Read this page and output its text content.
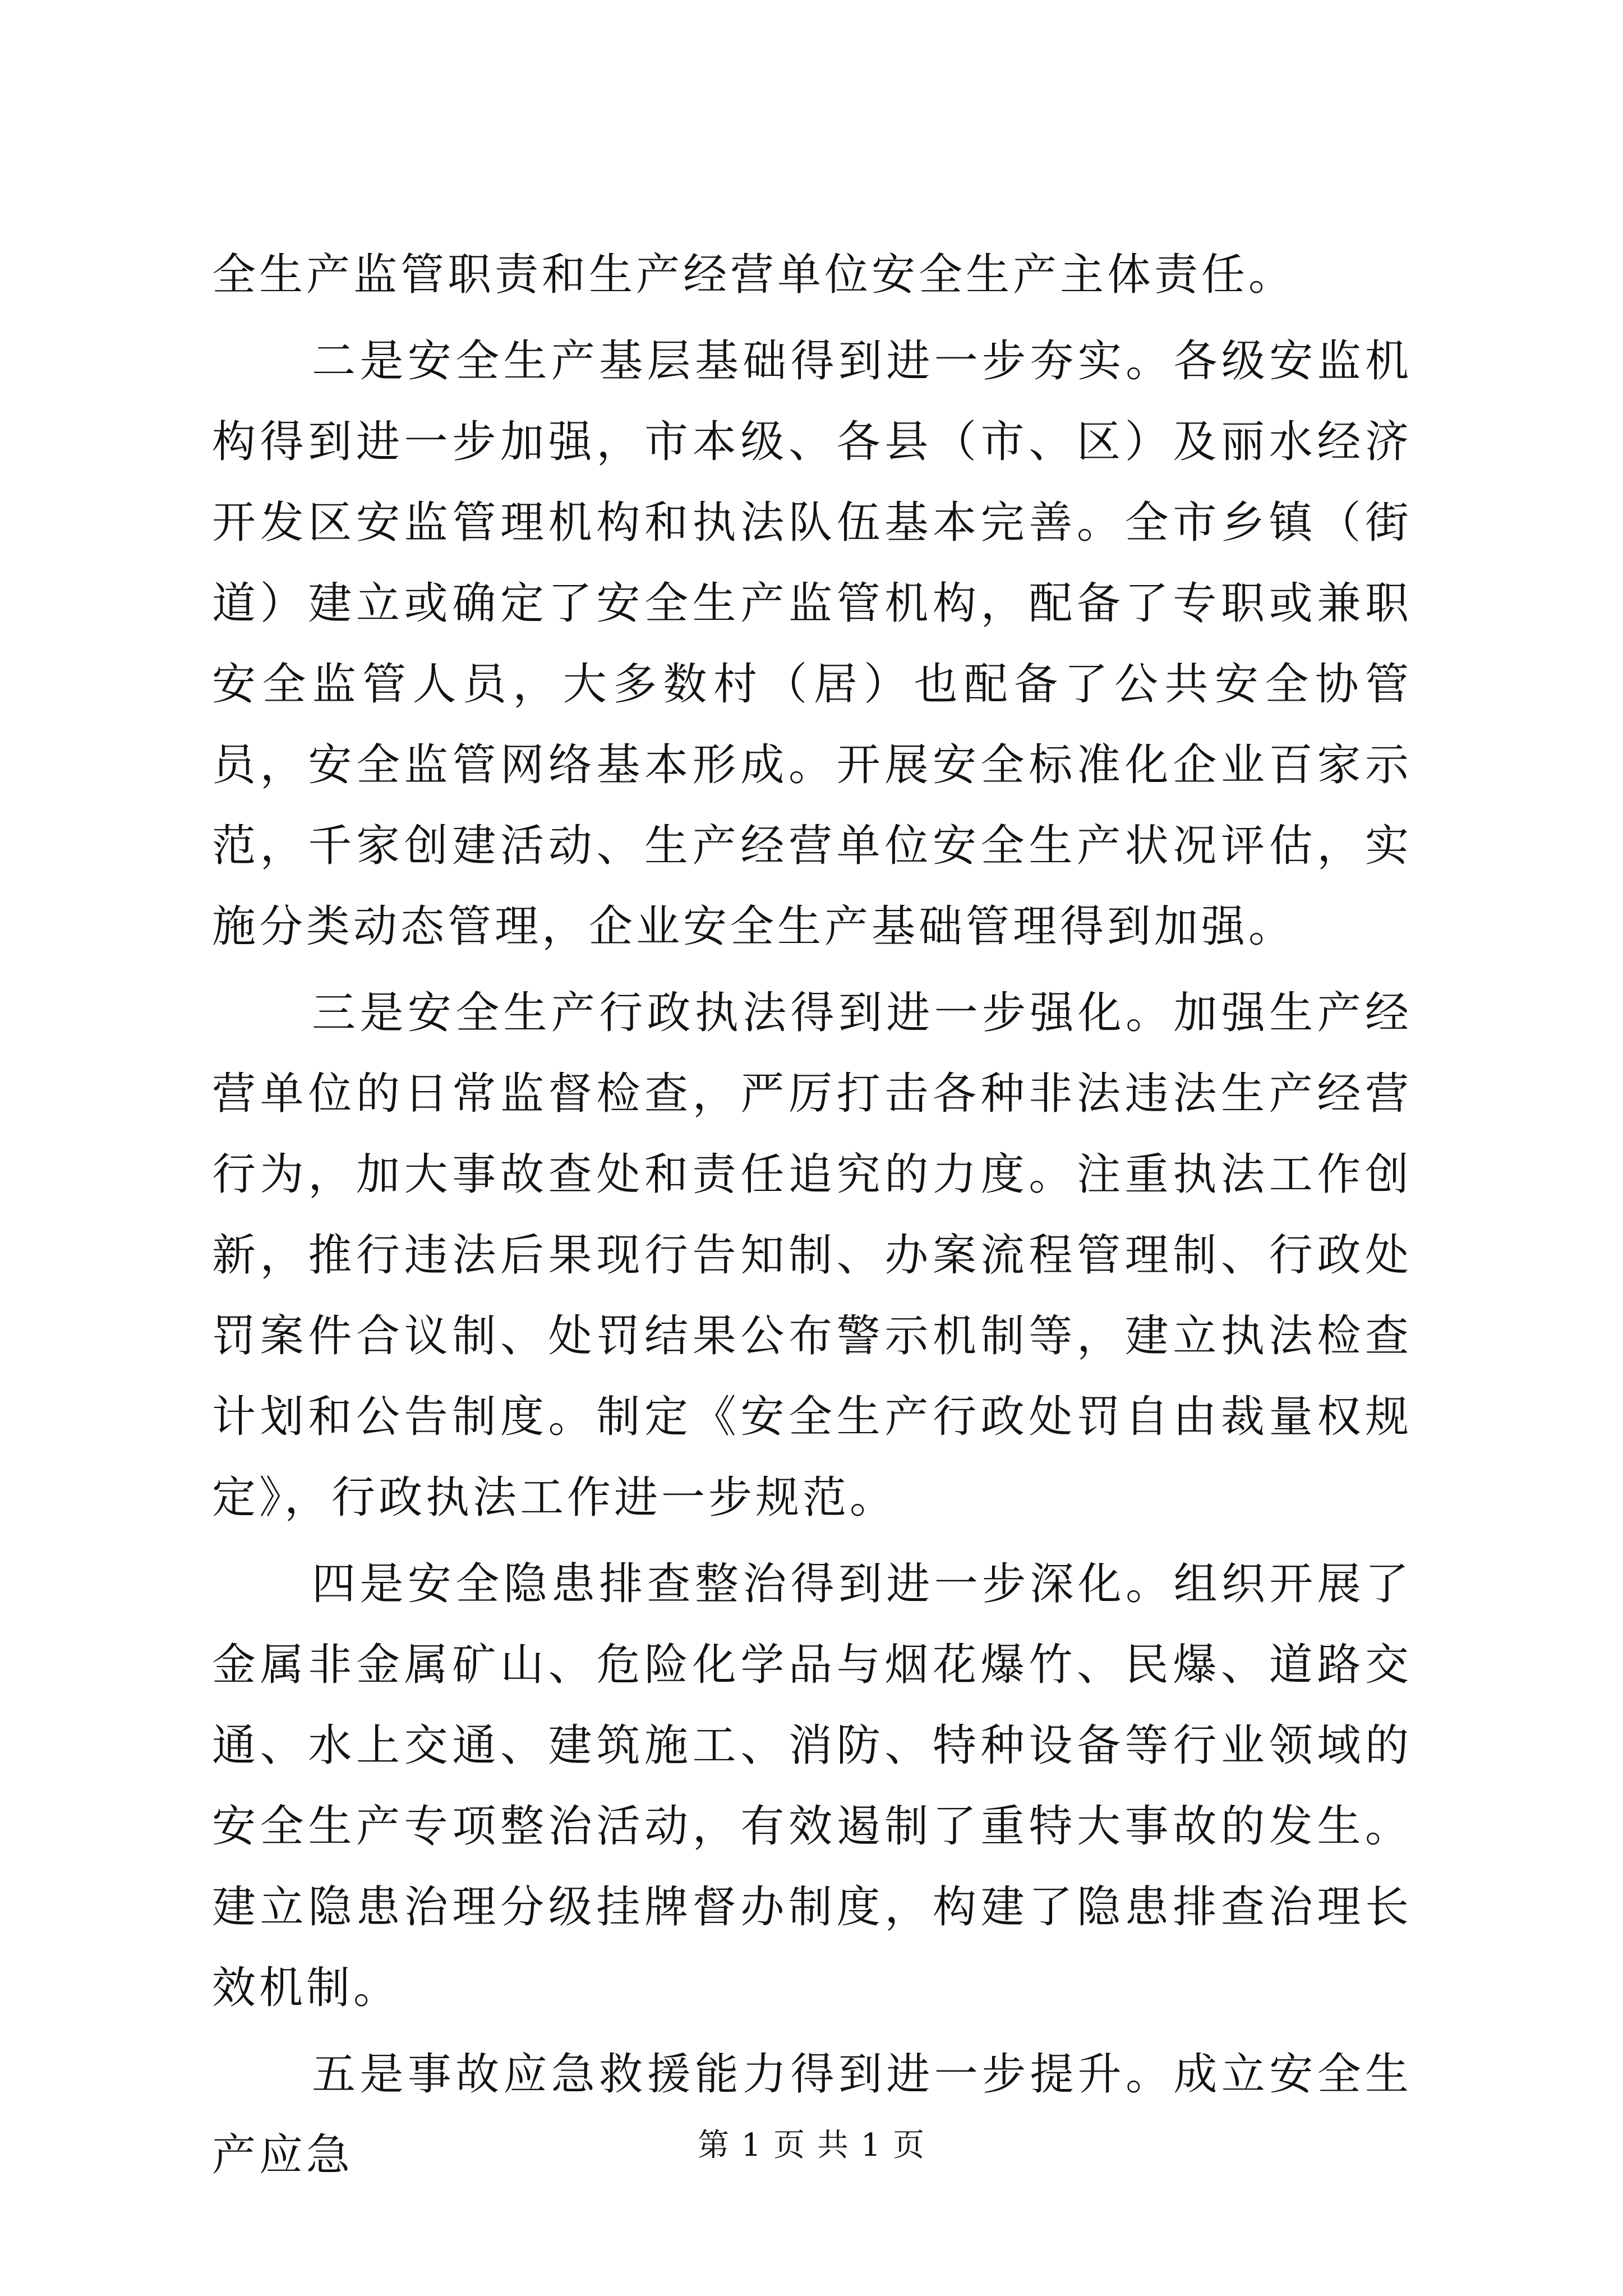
全生产监管职责和生产经营单位安全生产主体责任。

二是安全生产基层基础得到进一步夯实。各级安监机构得到进一步加强，市本级、各县（市、区）及丽水经济开发区安监管理机构和执法队伍基本完善。全市乡镇（街道）建立或确定了安全生产监管机构，配备了专职或兼职安全监管人员，大多数村（居）也配备了公共安全协管员，安全监管网络基本形成。开展安全标准化企业百家示范，千家创建活动、生产经营单位安全生产状况评估，实施分类动态管理，企业安全生产基础管理得到加强。

三是安全生产行政执法得到进一步强化。加强生产经营单位的日常监督检查，严厉打击各种非法违法生产经营行为，加大事故查处和责任追究的力度。注重执法工作创新，推行违法后果现行告知制、办案流程管理制、行政处罚案件合议制、处罚结果公布警示机制等，建立执法检查计划和公告制度。制定《安全生产行政处罚自由裁量权规定》，行政执法工作进一步规范。

四是安全隐患排查整治得到进一步深化。组织开展了金属非金属矿山、危险化学品与烟花爆竹、民爆、道路交通、水上交通、建筑施工、消防、特种设备等行业领域的安全生产专项整治活动，有效遏制了重特大事故的发生。建立隐患治理分级挂牌督办制度，构建了隐患排查治理长效机制。

五是事故应急救援能力得到进一步提升。成立安全生产应急	第 1 页 共 1 页
